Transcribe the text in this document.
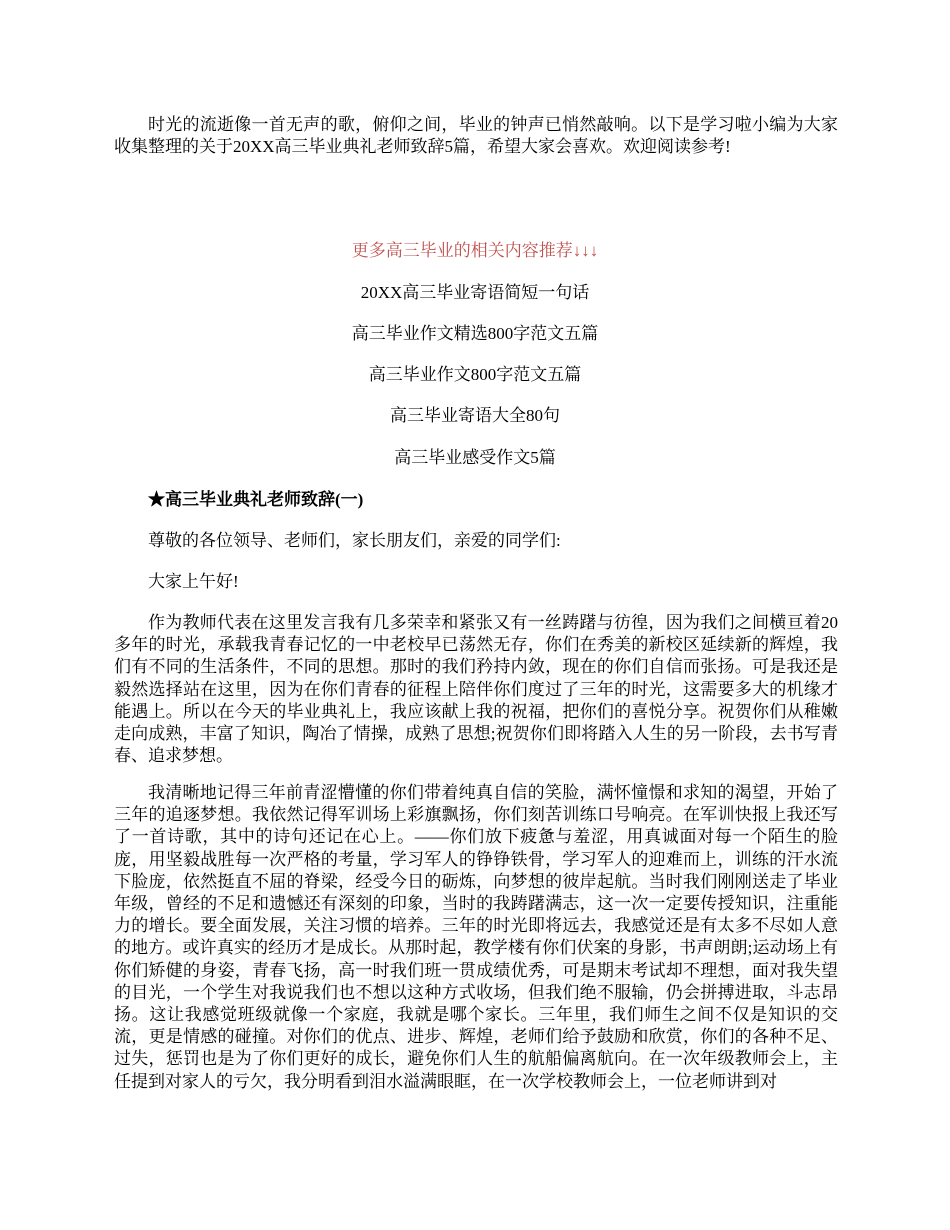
时光的流逝像一首无声的歌，俯仰之间，毕业的钟声已悄然敲响。以下是学习啦小编为大家收集整理的关于20XX高三毕业典礼老师致辞5篇，希望大家会喜欢。欢迎阅读参考!

更多高三毕业的相关内容推荐↓↓↓

20XX高三毕业寄语简短一句话

高三毕业作文精选800字范文五篇

高三毕业作文800字范文五篇

高三毕业寄语大全80句

高三毕业感受作文5篇

★高三毕业典礼老师致辞(一)

尊敬的各位领导、老师们，家长朋友们，亲爱的同学们:

大家上午好!

作为教师代表在这里发言我有几多荣幸和紧张又有一丝踌躇与彷徨，因为我们之间横亘着20多年的时光，承载我青春记忆的一中老校早已荡然无存，你们在秀美的新校区延续新的辉煌，我们有不同的生活条件，不同的思想。那时的我们矜持内敛，现在的你们自信而张扬。可是我还是毅然选择站在这里，因为在你们青春的征程上陪伴你们度过了三年的时光，这需要多大的机缘才能遇上。所以在今天的毕业典礼上，我应该献上我的祝福，把你们的喜悦分享。祝贺你们从稚嫩走向成熟，丰富了知识，陶冶了情操，成熟了思想;祝贺你们即将踏入人生的另一阶段，去书写青春、追求梦想。

我清晰地记得三年前青涩懵懂的你们带着纯真自信的笑脸，满怀憧憬和求知的渴望，开始了三年的追逐梦想。我依然记得军训场上彩旗飘扬，你们刻苦训练口号响亮。在军训快报上我还写了一首诗歌，其中的诗句还记在心上。——你们放下疲惫与羞涩，用真诚面对每一个陌生的脸庞，用坚毅战胜每一次严格的考量，学习军人的铮铮铁骨，学习军人的迎难而上，训练的汗水流下脸庞，依然挺直不屈的脊梁，经受今日的砺炼，向梦想的彼岸起航。当时我们刚刚送走了毕业年级，曾经的不足和遗憾还有深刻的印象，当时的我踌躇满志，这一次一定要传授知识，注重能力的增长。要全面发展，关注习惯的培养。三年的时光即将远去，我感觉还是有太多不尽如人意的地方。或许真实的经历才是成长。从那时起，教学楼有你们伏案的身影，书声朗朗;运动场上有你们矫健的身姿，青春飞扬，高一时我们班一贯成绩优秀，可是期末考试却不理想，面对我失望的目光，一个学生对我说我们也不想以这种方式收场，但我们绝不服输，仍会拼搏进取，斗志昂扬。这让我感觉班级就像一个家庭，我就是哪个家长。三年里，我们师生之间不仅是知识的交流，更是情感的碰撞。对你们的优点、进步、辉煌，老师们给予鼓励和欣赏，你们的各种不足、过失，惩罚也是为了你们更好的成长，避免你们人生的航船偏离航向。在一次年级教师会上，主任提到对家人的亏欠，我分明看到泪水溢满眼眶，在一次学校教师会上，一位老师讲到对
